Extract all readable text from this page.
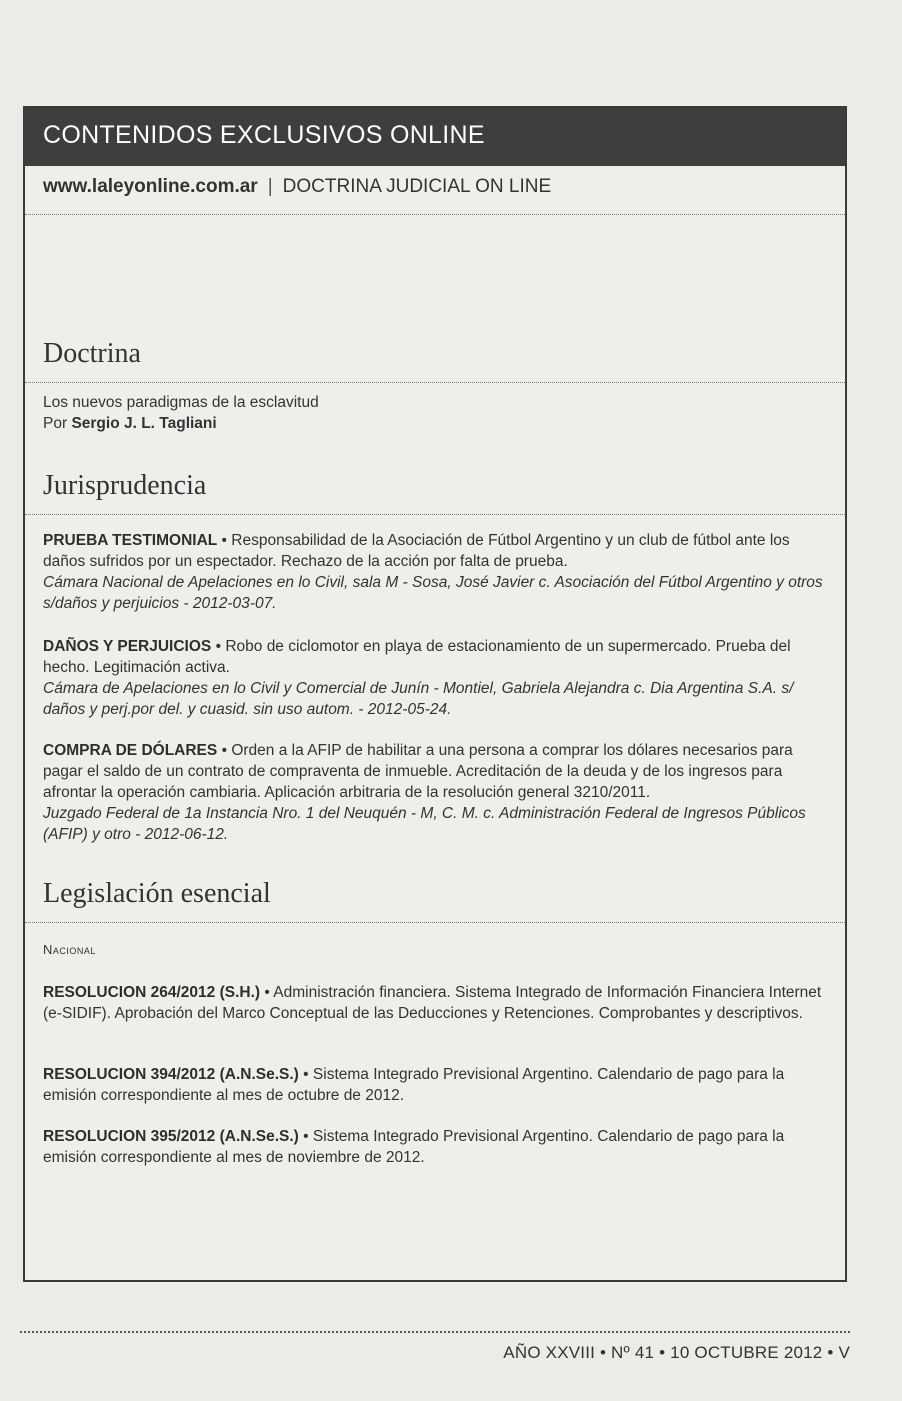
CONTENIDOS EXCLUSIVOS ONLINE
www.laleyonline.com.ar | DOCTRINA JUDICIAL ON LINE
Doctrina
Los nuevos paradigmas de la esclavitud
Por Sergio J. L. Tagliani
Jurisprudencia
PRUEBA TESTIMONIAL • Responsabilidad de la Asociación de Fútbol Argentino y un club de fútbol ante los daños sufridos por un espectador. Rechazo de la acción por falta de prueba.
Cámara Nacional de Apelaciones en lo Civil, sala M - Sosa, José Javier c. Asociación del Fútbol Argentino y otros s/daños y perjuicios - 2012-03-07.
DAÑOS Y PERJUICIOS • Robo de ciclomotor en playa de estacionamiento de un supermercado. Prueba del hecho. Legitimación activa.
Cámara de Apelaciones en lo Civil y Comercial de Junín - Montiel, Gabriela Alejandra c. Dia Argentina S.A. s/ daños y perj.por del. y cuasid. sin uso autom. - 2012-05-24.
COMPRA DE DÓLARES • Orden a la AFIP de habilitar a una persona a comprar los dólares necesarios para pagar el saldo de un contrato de compraventa de inmueble. Acreditación de la deuda y de los ingresos para afrontar la operación cambiaria. Aplicación arbitraria de la resolución general 3210/2011.
Juzgado Federal de 1a Instancia Nro. 1 del Neuquén - M, C. M. c. Administración Federal de Ingresos Públicos (AFIP) y otro - 2012-06-12.
Legislación esencial
Nacional
RESOLUCION 264/2012 (S.H.) • Administración financiera. Sistema Integrado de Información Financiera Internet (e-SIDIF). Aprobación del Marco Conceptual de las Deducciones y Retenciones. Comprobantes y descriptivos.
RESOLUCION 394/2012 (A.N.Se.S.) • Sistema Integrado Previsional Argentino. Calendario de pago para la emisión correspondiente al mes de octubre de 2012.
RESOLUCION 395/2012 (A.N.Se.S.) • Sistema Integrado Previsional Argentino. Calendario de pago para la emisión correspondiente al mes de noviembre de 2012.
AÑO XXVIII • Nº 41 • 10 OCTUBRE 2012 • V
